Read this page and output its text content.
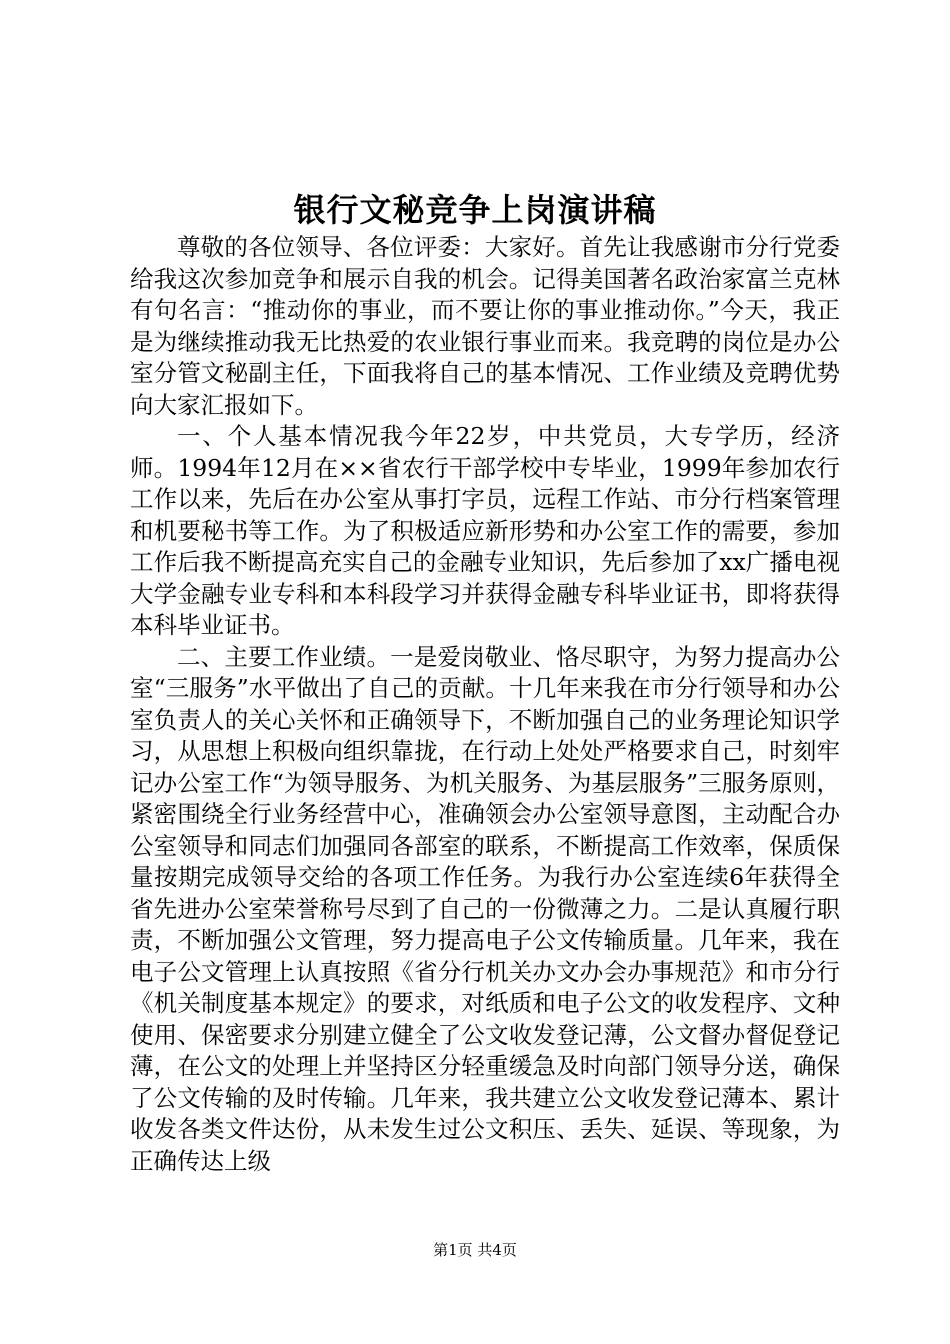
银行文秘竞争上岗演讲稿

尊敬的各位领导、各位评委：大家好。首先让我感谢市分行党委给我这次参加竞争和展示自我的机会。记得美国著名政治家富兰克林有句名言：“推动你的事业，而不要让你的事业推动你。”今天，我正是为继续推动我无比热爱的农业银行事业而来。我竞聘的岗位是办公室分管文秘副主任，下面我将自己的基本情况、工作业绩及竞聘优势向大家汇报如下。

一、个人基本情况我今年22岁，中共党员，大专学历，经济师。1994年12月在××省农行干部学校中专毕业，1999年参加农行工作以来，先后在办公室从事打字员，远程工作站、市分行档案管理和机要秘书等工作。为了积极适应新形势和办公室工作的需要，参加工作后我不断提高充实自己的金融专业知识，先后参加了xx广播电视大学金融专业专科和本科段学习并获得金融专科毕业证书，即将获得本科毕业证书。

二、主要工作业绩。一是爱岗敬业、恪尽职守，为努力提高办公室“三服务”水平做出了自己的贡献。十几年来我在市分行领导和办公室负责人的关心关怀和正确领导下，不断加强自己的业务理论知识学习，从思想上积极向组织靠拢，在行动上处处严格要求自己，时刻牢记办公室工作“为领导服务、为机关服务、为基层服务”三服务原则，紧密围绕全行业务经营中心，准确领会办公室领导意图，主动配合办公室领导和同志们加强同各部室的联系，不断提高工作效率，保质保量按期完成领导交给的各项工作任务。为我行办公室连续6年获得全省先进办公室荣誉称号尽到了自己的一份微薄之力。二是认真履行职责，不断加强公文管理，努力提高电子公文传输质量。几年来，我在电子公文管理上认真按照《省分行机关办文办会办事规范》和市分行《机关制度基本规定》的要求，对纸质和电子公文的收发程序、文种使用、保密要求分别建立健全了公文收发登记薄，公文督办督促登记薄，在公文的处理上并坚持区分轻重缓急及时向部门领导分送，确保了公文传输的及时传输。几年来，我共建立公文收发登记薄本、累计收发各类文件达份，从未发生过公文积压、丢失、延误、等现象，为正确传达上级

第1页 共4页
